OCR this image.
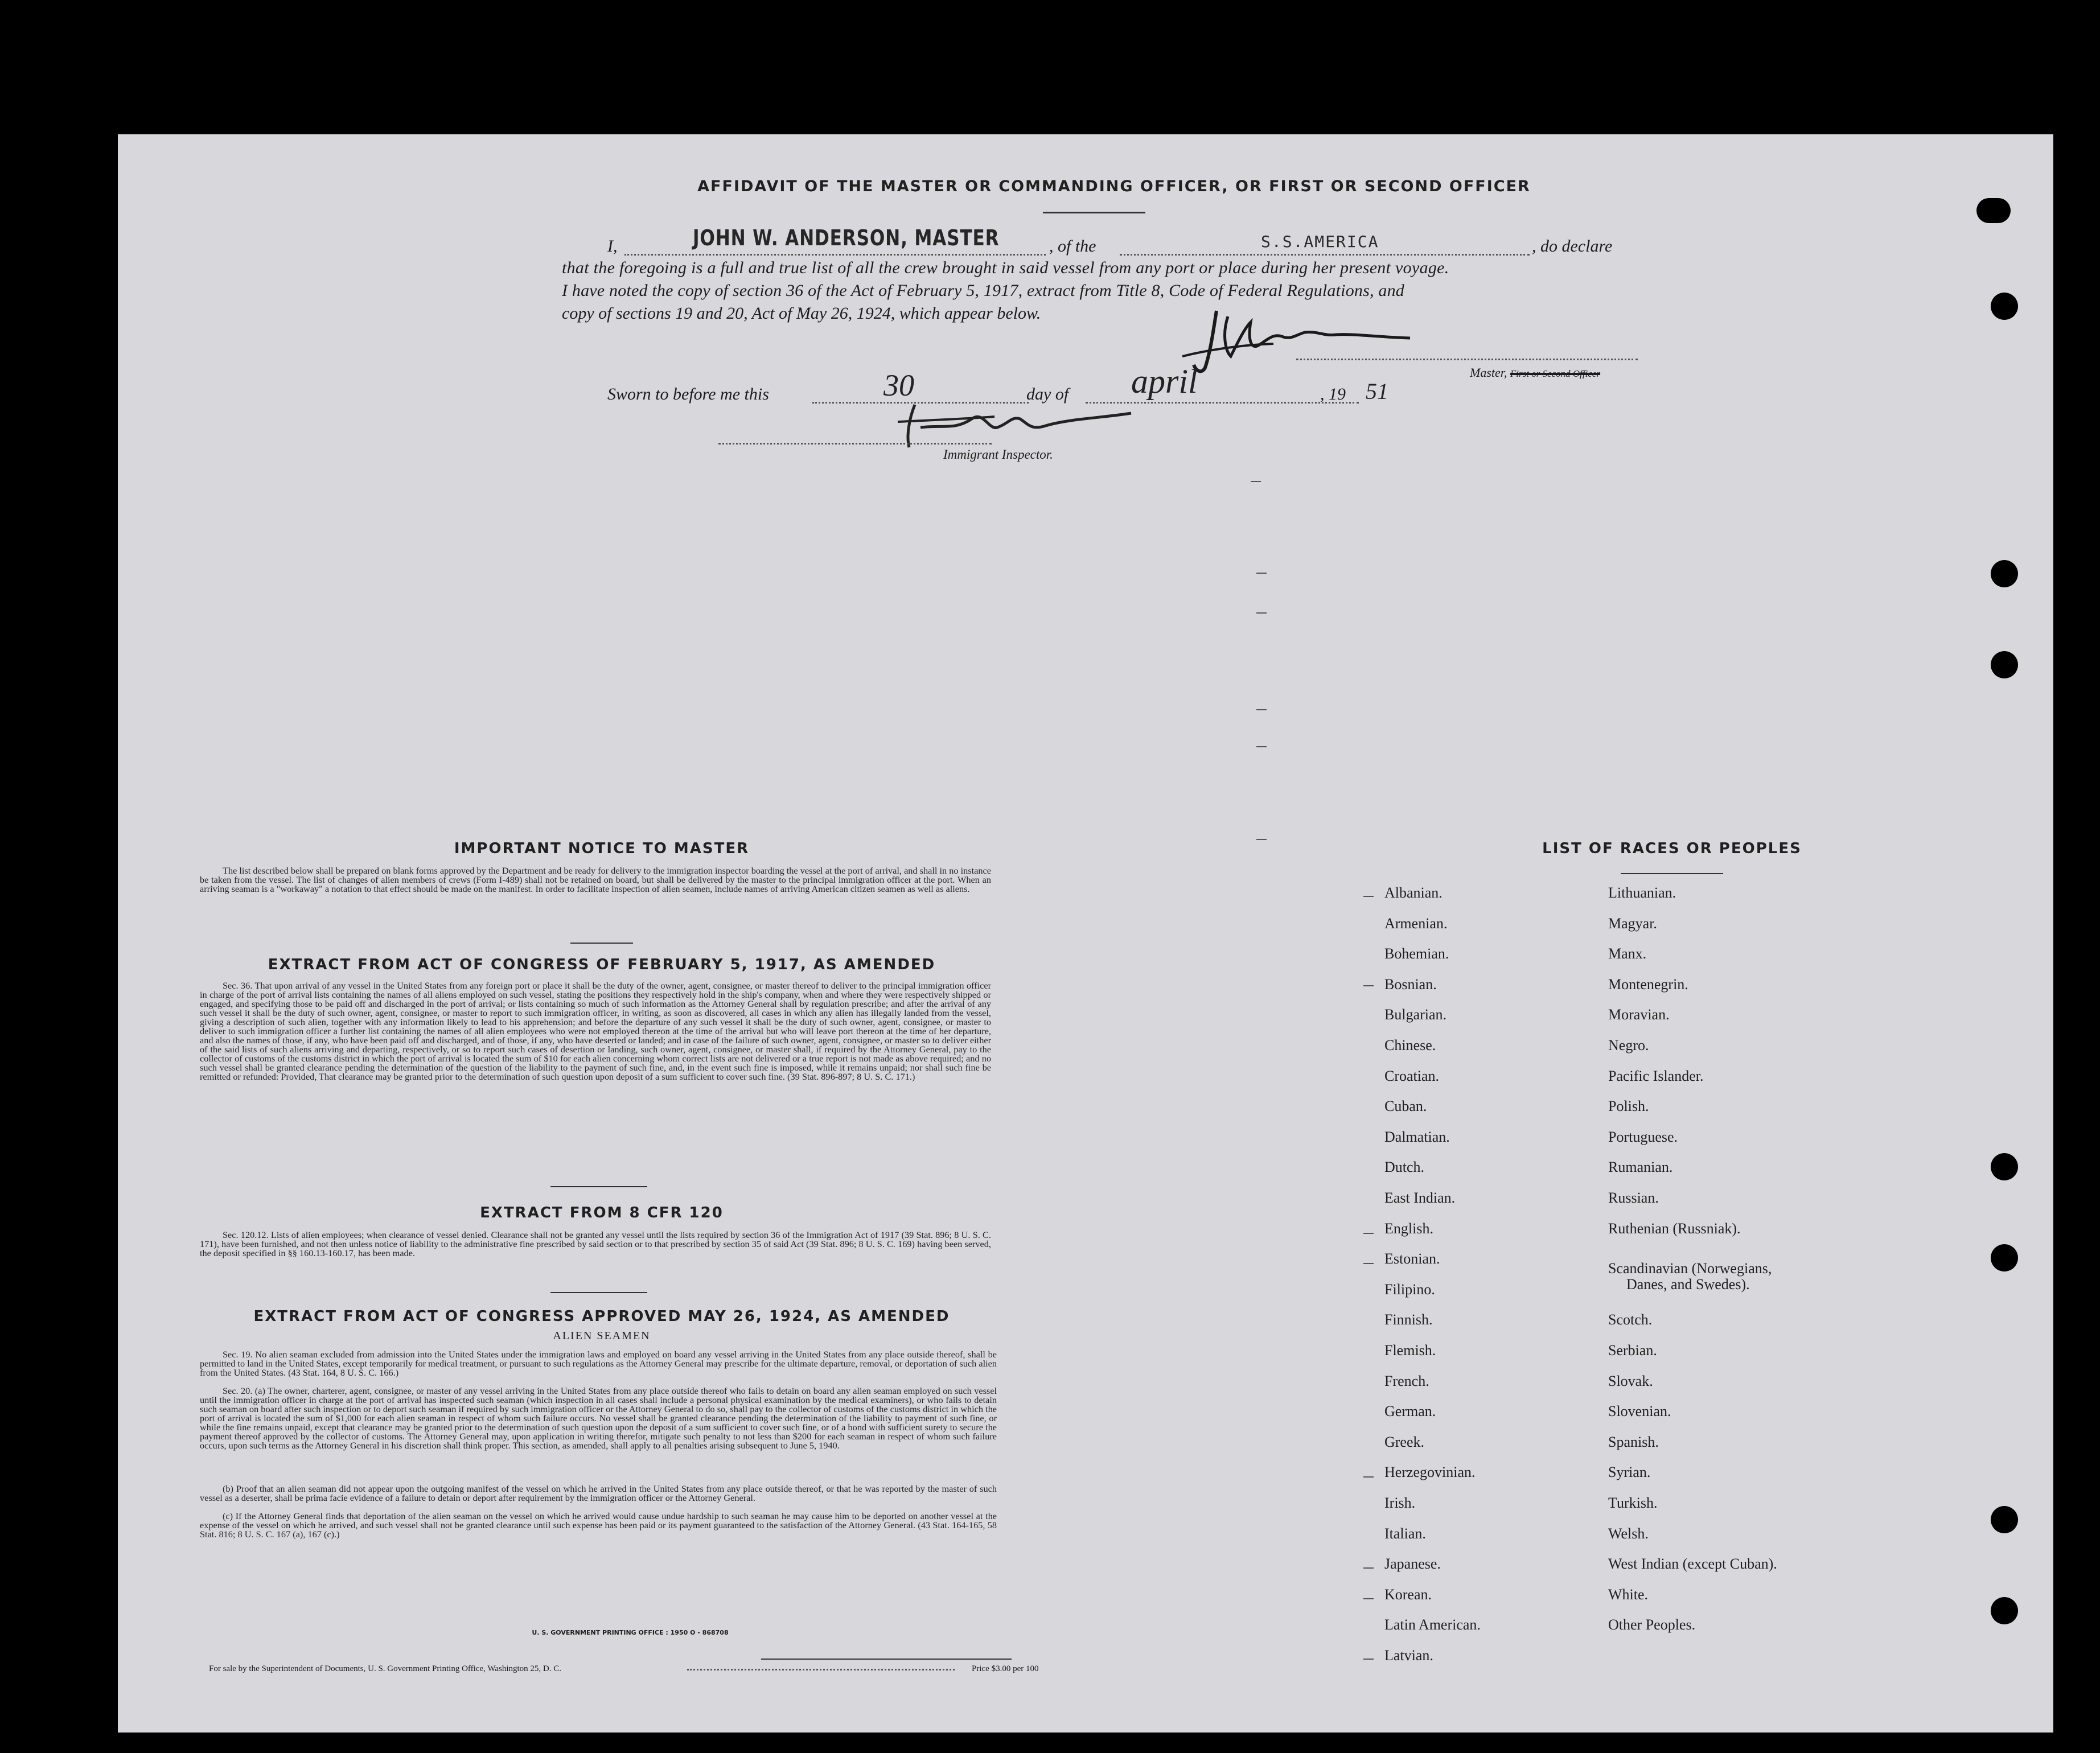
AFFIDAVIT OF THE MASTER OR COMMANDING OFFICER, OR FIRST OR SECOND OFFICER
I,	JOHN W. ANDERSON, MASTER	, of the	S.S.AMERICA	, do declare
that the foregoing is a full and true list of all the crew brought in said vessel from any port or place during her present voyage.
I have noted the copy of section 36 of the Act of February 5, 1917, extract from Title 8, Code of Federal Regulations, and
copy of sections 19 and 20, Act of May 26, 1924, which appear below.
Master, First or Second Officer
Sworn to before me this	30	day of april	, 19 51
Immigrant Inspector.
IMPORTANT NOTICE TO MASTER
The list described below shall be prepared on blank forms approved by the Department and be ready for delivery to the immigration inspector boarding the vessel at the port of arrival, and shall in no instance be taken from the vessel. The list of changes of alien members of crews (Form I-489) shall not be retained on board, but shall be delivered by the master to the principal immigration officer at the port. When an arriving seaman is a "workaway" a notation to that effect should be made on the manifest. In order to facilitate inspection of alien seamen, include names of arriving American citizen seamen as well as aliens.
EXTRACT FROM ACT OF CONGRESS OF FEBRUARY 5, 1917, AS AMENDED
Sec. 36. That upon arrival of any vessel in the United States from any foreign port or place it shall be the duty of the owner, agent, consignee, or master thereof to deliver to the principal immigration officer in charge of the port of arrival lists containing the names of all aliens employed on such vessel, stating the positions they respectively hold in the ship's company, when and where they were respectively shipped or engaged, and specifying those to be paid off and discharged in the port of arrival; or lists containing so much of such information as the Attorney General shall by regulation prescribe; and after the arrival of any such vessel it shall be the duty of such owner, agent, consignee, or master to report to such immigration officer, in writing, as soon as discovered, all cases in which any alien has illegally landed from the vessel, giving a description of such alien, together with any information likely to lead to his apprehension; and before the departure of any such vessel it shall be the duty of such owner, agent, consignee, or master to deliver to such immigration officer a further list containing the names of all alien employees who were not employed thereon at the time of the arrival but who will leave port thereon at the time of her departure, and also the names of those, if any, who have been paid off and discharged, and of those, if any, who have deserted or landed; and in case of the failure of such owner, agent, consignee, or master so to deliver either of the said lists of such aliens arriving and departing, respectively, or so to report such cases of desertion or landing, such owner, agent, consignee, or master shall, if required by the Attorney General, pay to the collector of customs of the customs district in which the port of arrival is located the sum of $10 for each alien concerning whom correct lists are not delivered or a true report is not made as above required; and no such vessel shall be granted clearance pending the determination of the question of the liability to the payment of such fine, and, in the event such fine is imposed, while it remains unpaid; nor shall such fine be remitted or refunded: Provided, That clearance may be granted prior to the determination of such question upon deposit of a sum sufficient to cover such fine. (39 Stat. 896-897; 8 U. S. C. 171.)
EXTRACT FROM 8 CFR 120
Sec. 120.12. Lists of alien employees; when clearance of vessel denied. Clearance shall not be granted any vessel until the lists required by section 36 of the Immigration Act of 1917 (39 Stat. 896; 8 U. S. C. 171), have been furnished, and not then unless notice of liability to the administrative fine prescribed by said section or to that prescribed by section 35 of said Act (39 Stat. 896; 8 U. S. C. 169) having been served, the deposit specified in §§ 160.13-160.17, has been made.
EXTRACT FROM ACT OF CONGRESS APPROVED MAY 26, 1924, AS AMENDED
ALIEN SEAMEN
Sec. 19. No alien seaman excluded from admission into the United States under the immigration laws and employed on board any vessel arriving in the United States from any place outside thereof, shall be permitted to land in the United States, except temporarily for medical treatment, or pursuant to such regulations as the Attorney General may prescribe for the ultimate departure, removal, or deportation of such alien from the United States. (43 Stat. 164, 8 U. S. C. 166.)
Sec. 20. (a) The owner, charterer, agent, consignee, or master of any vessel arriving in the United States from any place outside thereof who fails to detain on board any alien seaman employed on such vessel until the immigration officer in charge at the port of arrival has inspected such seaman (which inspection in all cases shall include a personal physical examination by the medical examiners), or who fails to detain such seaman on board after such inspection or to deport such seaman if required by such immigration officer or the Attorney General to do so, shall pay to the collector of customs of the customs district in which the port of arrival is located the sum of $1,000 for each alien seaman in respect of whom such failure occurs. No vessel shall be granted clearance pending the determination of the liability to payment of such fine, or while the fine remains unpaid, except that clearance may be granted prior to the determination of such question upon the deposit of a sum sufficient to cover such fine, or of a bond with sufficient surety to secure the payment thereof approved by the collector of customs. The Attorney General may, upon application in writing therefor, mitigate such penalty to not less than $200 for each seaman in respect of whom such failure occurs, upon such terms as the Attorney General in his discretion shall think proper. This section, as amended, shall apply to all penalties arising subsequent to June 5, 1940.
(b) Proof that an alien seaman did not appear upon the outgoing manifest of the vessel on which he arrived in the United States from any place outside thereof, or that he was reported by the master of such vessel as a deserter, shall be prima facie evidence of a failure to detain or deport after requirement by the immigration officer or the Attorney General.
(c) If the Attorney General finds that deportation of the alien seaman on the vessel on which he arrived would cause undue hardship to such seaman he may cause him to be deported on another vessel at the expense of the vessel on which he arrived, and such vessel shall not be granted clearance until such expense has been paid or its payment guaranteed to the satisfaction of the Attorney General. (43 Stat. 164-165, 58 Stat. 816; 8 U. S. C. 167 (a), 167 (c).)
U. S. GOVERNMENT PRINTING OFFICE : 1950 O - 868708
For sale by the Superintendent of Documents, U. S. Government Printing Office, Washington 25, D. C.	Price $3.00 per 100
LIST OF RACES OR PEOPLES
Albanian.
Armenian.
Bohemian.
Bosnian.
Bulgarian.
Chinese.
Croatian.
Cuban.
Dalmatian.
Dutch.
East Indian.
English.
Estonian.
Filipino.
Finnish.
Flemish.
French.
German.
Greek.
Herzegovinian.
Irish.
Italian.
Japanese.
Korean.
Latin American.
Latvian.
Lithuanian.
Magyar.
Manx.
Montenegrin.
Moravian.
Negro.
Pacific Islander.
Polish.
Portuguese.
Rumanian.
Russian.
Ruthenian (Russniak).
Scandinavian (Norwegians,
Danes, and Swedes).
Scotch.
Serbian.
Slovak.
Slovenian.
Spanish.
Syrian.
Turkish.
Welsh.
West Indian (except Cuban).
White.
Other Peoples.
